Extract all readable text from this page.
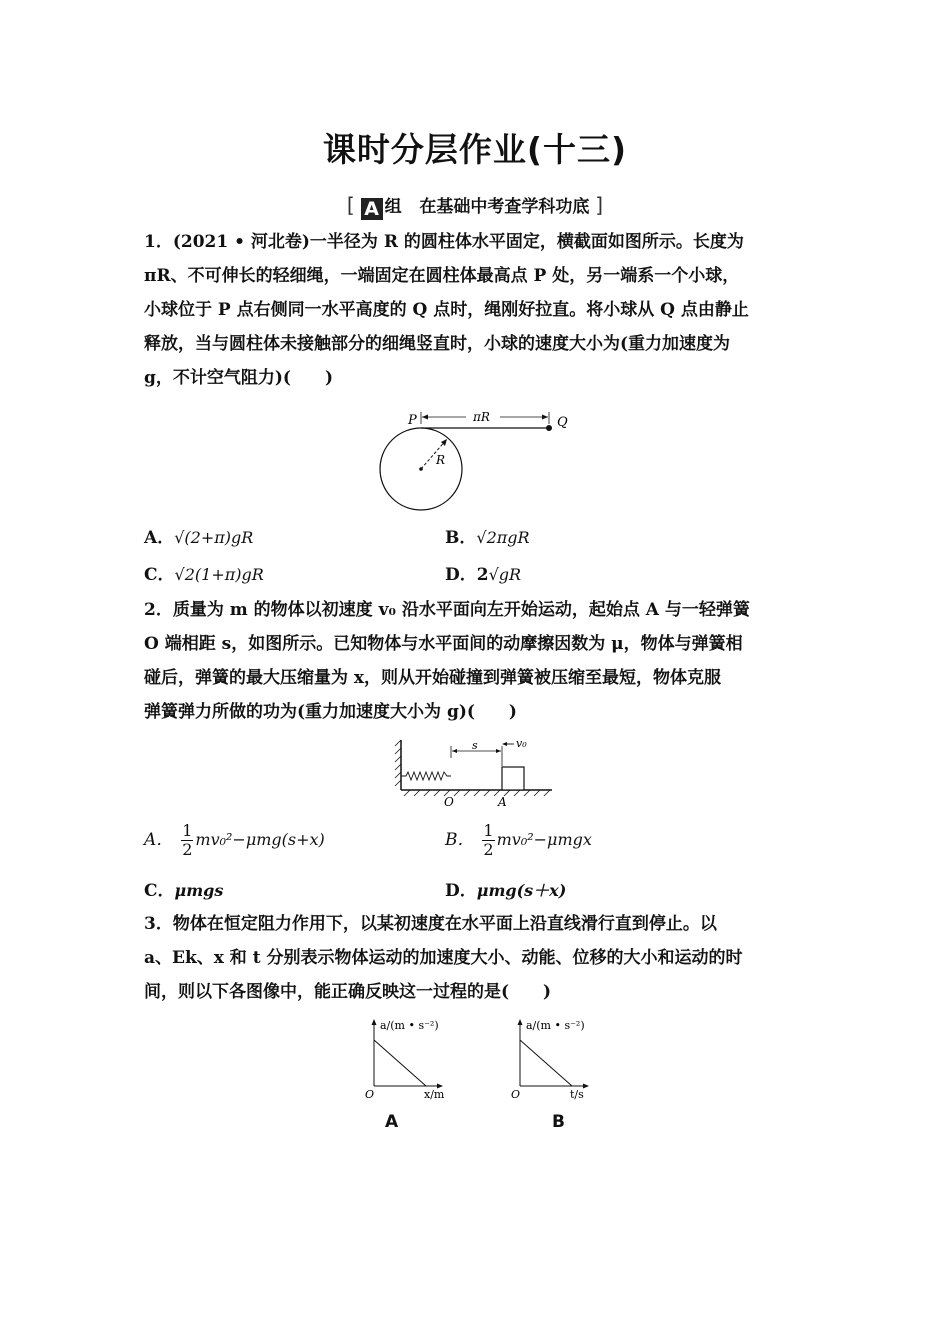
课时分层作业(十三)
[ A 组 在基础中考查学科功底 ]
1．(2021 • 河北卷)一半径为 R 的圆柱体水平固定，横截面如图所示。长度为
πR、不可伸长的轻细绳，一端固定在圆柱体最高点 P 处，另一端系一个小球，
小球位于 P 点右侧同一水平高度的 Q 点时，绳刚好拉直。将小球从 Q 点由静止
释放，当与圆柱体未接触部分的细绳竖直时，小球的速度大小为(重力加速度为
g，不计空气阻力)(　　)
πR
P	Q
R
A．√(2+π)gR	B．√2πgR
C．√2(1+π)gR	D．2√gR
2．质量为 m 的物体以初速度 v₀ 沿水平面向左开始运动，起始点 A 与一轻弹簧
O 端相距 s，如图所示。已知物体与水平面间的动摩擦因数为 μ，物体与弹簧相
碰后，弹簧的最大压缩量为 x，则从开始碰撞到弹簧被压缩至最短，物体克服
弹簧弹力所做的功为(重力加速度大小为 g)(　　)
s	v₀
O	A
A． $\frac{1}{2} mv_0^2-\mu mg(s+x)$	B． $\frac{1}{2} mv_0^2-\mu mgx$
C．μmgs	D．μmg(s＋x)
3．物体在恒定阻力作用下，以某初速度在水平面上沿直线滑行直到停止。以
a、Ek、x 和 t 分别表示物体运动的加速度大小、动能、位移的大小和运动的时
间，则以下各图像中，能正确反映这一过程的是(　　)
a/(m • s⁻²)
O	x/m
A
a/(m • s⁻²)
O	t/s
B
